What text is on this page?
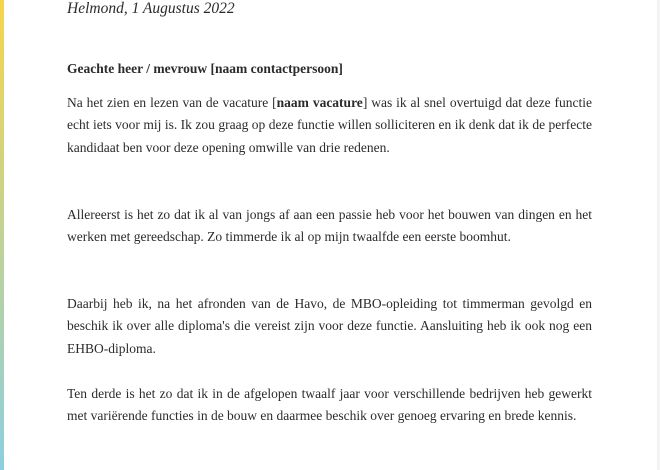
Helmond, 1 Augustus 2022
Geachte heer / mevrouw [naam contactpersoon]

Na het zien en lezen van de vacature [naam vacature] was ik al snel overtuigd dat deze functie echt iets voor mij is. Ik zou graag op deze functie willen solliciteren en ik denk dat ik de perfecte kandidaat ben voor deze opening omwille van drie redenen.

Allereerst is het zo dat ik al van jongs af aan een passie heb voor het bouwen van dingen en het werken met gereedschap. Zo timmerde ik al op mijn twaalfde een eerste boomhut.

Daarbij heb ik, na het afronden van de Havo, de MBO-opleiding tot timmerman gevolgd en beschik ik over alle diploma's die vereist zijn voor deze functie. Aansluiting heb ik ook nog een EHBO-diploma.

Ten derde is het zo dat ik in de afgelopen twaalf jaar voor verschillende bedrijven heb gewerkt met variërende functies in de bouw en daarmee beschik over genoeg ervaring en brede kennis.
